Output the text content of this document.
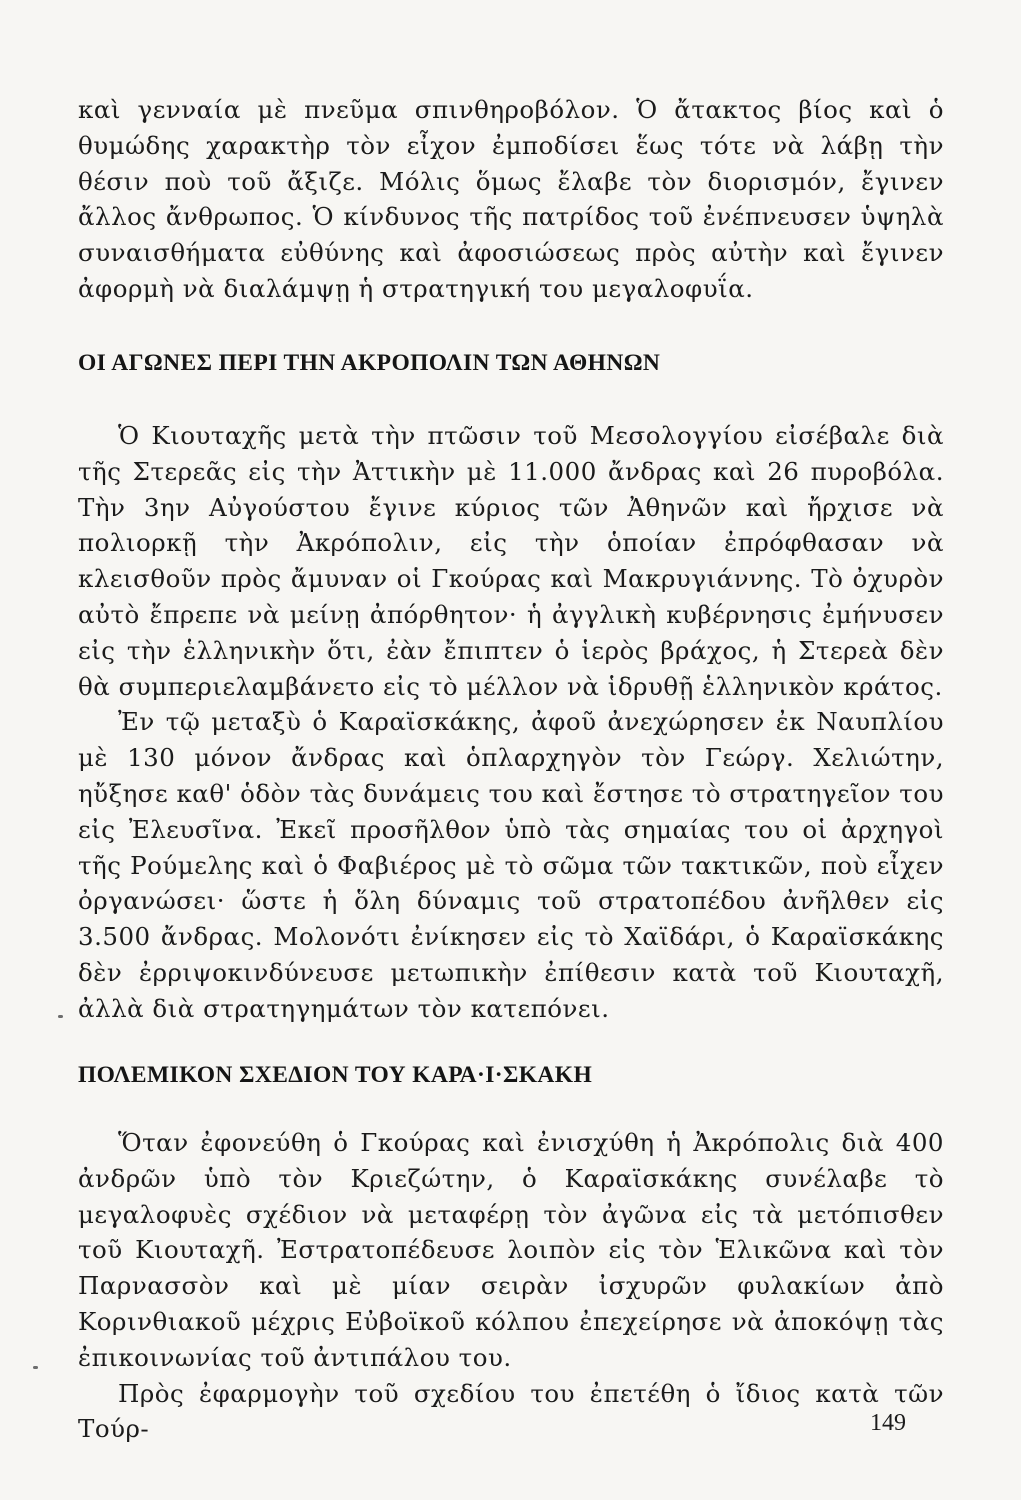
καὶ γενναία μὲ πνεῦμα σπινθηροβόλον. Ὁ ἄτακτος βίος καὶ ὁ θυμώδης χαρακτὴρ τὸν εἶχον ἐμποδίσει ἕως τότε νὰ λάβῃ τὴν θέσιν ποὺ τοῦ ἄξιζε. Μόλις ὅμως ἔλαβε τὸν διορισμόν, ἔγινεν ἄλλος ἄνθρωπος. Ὁ κίνδυνος τῆς πατρίδος τοῦ ἐνέπνευσεν ὑψηλὰ συναισθήματα εὐθύνης καὶ ἀφοσιώσεως πρὸς αὐτὴν καὶ ἔγινεν ἀφορμὴ νὰ διαλάμψῃ ἡ στρατηγική του μεγαλοφυΐα.

ΟΙ ΑΓΩΝΕΣ ΠΕΡΙ ΤΗΝ ΑΚΡΟΠΟΛΙΝ ΤΩΝ ΑΘΗΝΩΝ

Ὁ Κιουταχῆς μετὰ τὴν πτῶσιν τοῦ Μεσολογγίου εἰσέβαλε διὰ τῆς Στερεᾶς εἰς τὴν Ἀττικὴν μὲ 11.000 ἄνδρας καὶ 26 πυροβόλα. Τὴν 3ην Αὐγούστου ἔγινε κύριος τῶν Ἀθηνῶν καὶ ἤρχισε νὰ πολιορκῇ τὴν Ἀκρόπολιν, εἰς τὴν ὁποίαν ἐπρόφθασαν νὰ κλεισθοῦν πρὸς ἄμυναν οἱ Γκούρας καὶ Μακρυγιάννης. Τὸ ὀχυρὸν αὐτὸ ἔπρεπε νὰ μείνῃ ἀπόρθητον· ἡ ἀγγλικὴ κυβέρνησις ἐμήνυσεν εἰς τὴν ἑλληνικὴν ὅτι, ἐὰν ἔπιπτεν ὁ ἱερὸς βράχος, ἡ Στερεὰ δὲν θὰ συμπεριελαμβάνετο εἰς τὸ μέλλον νὰ ἱδρυθῇ ἑλληνικὸν κράτος.

Ἐν τῷ μεταξὺ ὁ Καραϊσκάκης, ἀφοῦ ἀνεχώρησεν ἐκ Ναυπλίου μὲ 130 μόνον ἄνδρας καὶ ὁπλαρχηγὸν τὸν Γεώργ. Χελιώτην, ηὔξησε καθ' ὁδὸν τὰς δυνάμεις του καὶ ἔστησε τὸ στρατηγεῖον του εἰς Ἐλευσῖνα. Ἐκεῖ προσῆλθον ὑπὸ τὰς σημαίας του οἱ ἀρχηγοὶ τῆς Ρούμελης καὶ ὁ Φαβιέρος μὲ τὸ σῶμα τῶν τακτικῶν, ποὺ εἶχεν ὀργανώσει· ὥστε ἡ ὅλη δύναμις τοῦ στρατοπέδου ἀνῆλθεν εἰς 3.500 ἄνδρας. Μολονότι ἐνίκησεν εἰς τὸ Χαϊδάρι, ὁ Καραϊσκάκης δὲν ἐρριψοκινδύνευσε μετωπικὴν ἐπίθεσιν κατὰ τοῦ Κιουταχῆ, ἀλλὰ διὰ στρατηγημάτων τὸν κατεπόνει.

ΠΟΛΕΜΙΚΟΝ ΣΧΕΔΙΟΝ ΤΟΥ ΚΑΡΑ·Ι·ΣΚΑΚΗ

Ὅταν ἐφονεύθη ὁ Γκούρας καὶ ἐνισχύθη ἡ Ἀκρόπολις διὰ 400 ἀνδρῶν ὑπὸ τὸν Κριεζώτην, ὁ Καραϊσκάκης συνέλαβε τὸ μεγαλοφυὲς σχέδιον νὰ μεταφέρῃ τὸν ἀγῶνα εἰς τὰ μετόπισθεν τοῦ Κιουταχῆ. Ἐστρατοπέδευσε λοιπὸν εἰς τὸν Ἑλικῶνα καὶ τὸν Παρνασσὸν καὶ μὲ μίαν σειρὰν ἰσχυρῶν φυλακίων ἀπὸ Κορινθιακοῦ μέχρις Εὐβοϊκοῦ κόλπου ἐπεχείρησε νὰ ἀποκόψῃ τὰς ἐπικοινωνίας τοῦ ἀντιπάλου του.

Πρὸς ἐφαρμογὴν τοῦ σχεδίου του ἐπετέθη ὁ ἴδιος κατὰ τῶν Τούρ-	149
